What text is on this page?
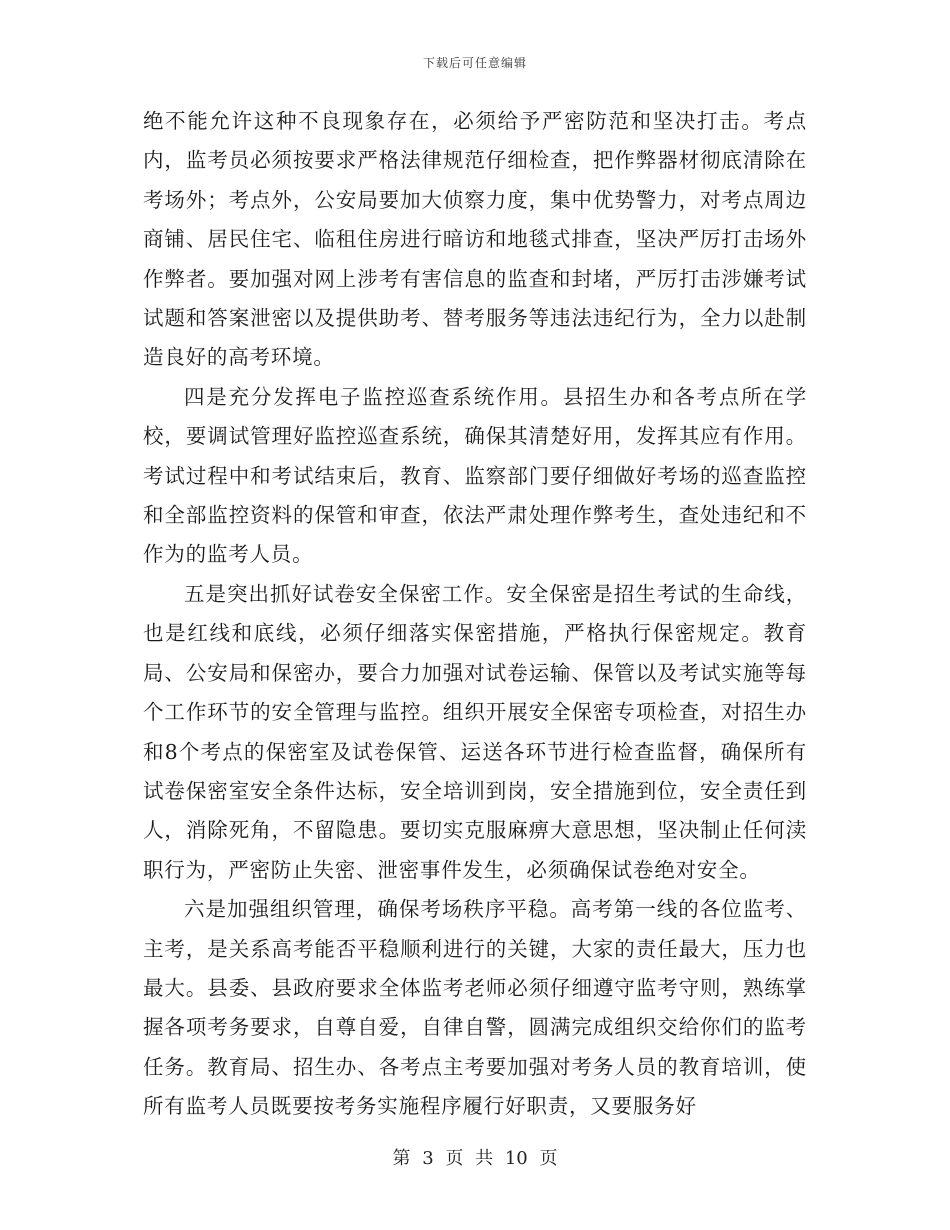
下载后可任意编辑

绝不能允许这种不良现象存在，必须给予严密防范和坚决打击。考点内，监考员必须按要求严格法律规范仔细检查，把作弊器材彻底清除在考场外；考点外，公安局要加大侦察力度，集中优势警力，对考点周边商铺、居民住宅、临租住房进行暗访和地毯式排查，坚决严厉打击场外作弊者。要加强对网上涉考有害信息的监查和封堵，严厉打击涉嫌考试试题和答案泄密以及提供助考、替考服务等违法违纪行为，全力以赴制造良好的高考环境。

四是充分发挥电子监控巡查系统作用。县招生办和各考点所在学校，要调试管理好监控巡查系统，确保其清楚好用，发挥其应有作用。考试过程中和考试结束后，教育、监察部门要仔细做好考场的巡查监控和全部监控资料的保管和审查，依法严肃处理作弊考生，查处违纪和不作为的监考人员。

五是突出抓好试卷安全保密工作。安全保密是招生考试的生命线，也是红线和底线，必须仔细落实保密措施，严格执行保密规定。教育局、公安局和保密办，要合力加强对试卷运输、保管以及考试实施等每个工作环节的安全管理与监控。组织开展安全保密专项检查，对招生办和8个考点的保密室及试卷保管、运送各环节进行检查监督，确保所有试卷保密室安全条件达标，安全培训到岗，安全措施到位，安全责任到人，消除死角，不留隐患。要切实克服麻痹大意思想，坚决制止任何渎职行为，严密防止失密、泄密事件发生，必须确保试卷绝对安全。

六是加强组织管理，确保考场秩序平稳。高考第一线的各位监考、主考，是关系高考能否平稳顺利进行的关键，大家的责任最大，压力也最大。县委、县政府要求全体监考老师必须仔细遵守监考守则，熟练掌握各项考务要求，自尊自爱，自律自警，圆满完成组织交给你们的监考任务。教育局、招生办、各考点主考要加强对考务人员的教育培训，使所有监考人员既要按考务实施程序履行好职责，又要服务好

第 3 页 共 10 页
